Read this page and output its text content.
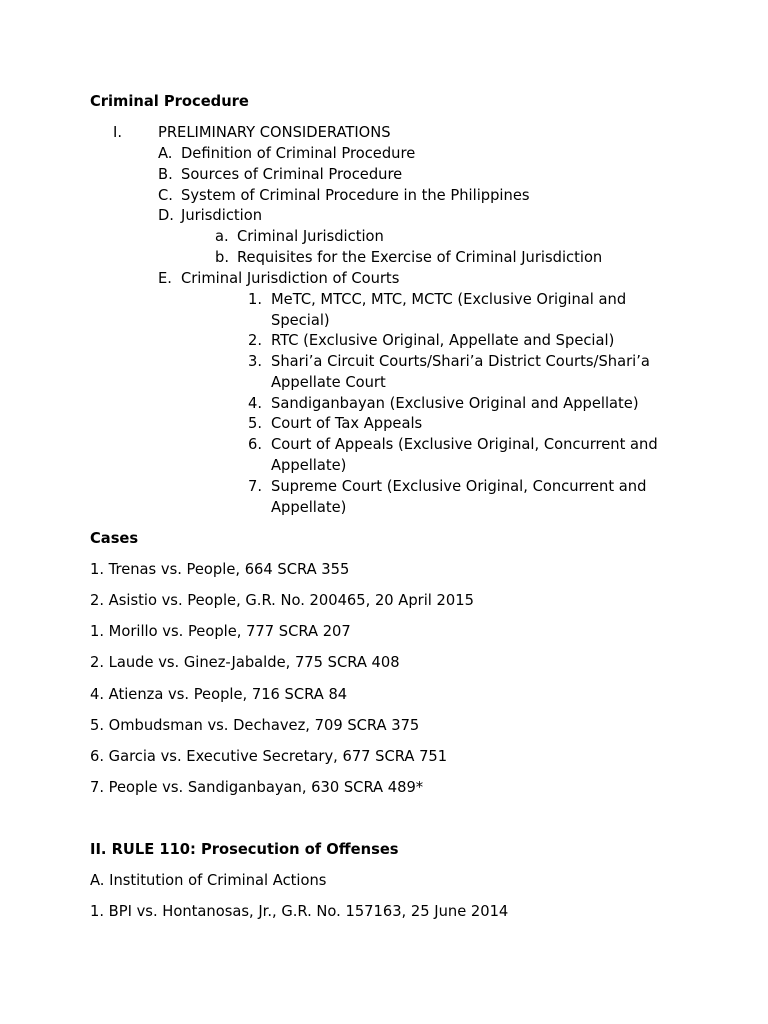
Criminal Procedure
I. PRELIMINARY CONSIDERATIONS
A. Definition of Criminal Procedure
B. Sources of Criminal Procedure
C. System of Criminal Procedure in the Philippines
D. Jurisdiction
a. Criminal Jurisdiction
b. Requisites for the Exercise of Criminal Jurisdiction
E. Criminal Jurisdiction of Courts
1. MeTC, MTCC, MTC, MCTC (Exclusive Original and
Special)
2. RTC (Exclusive Original, Appellate and Special)
3. Shari’a Circuit Courts/Shari’a District Courts/Shari’a
Appellate Court
4. Sandiganbayan (Exclusive Original and Appellate)
5. Court of Tax Appeals
6. Court of Appeals (Exclusive Original, Concurrent and
Appellate)
7. Supreme Court (Exclusive Original, Concurrent and
Appellate)
Cases
1. Trenas vs. People, 664 SCRA 355
2. Asistio vs. People, G.R. No. 200465, 20 April 2015
1. Morillo vs. People, 777 SCRA 207
2. Laude vs. Ginez-Jabalde, 775 SCRA 408
4. Atienza vs. People, 716 SCRA 84
5. Ombudsman vs. Dechavez, 709 SCRA 375
6. Garcia vs. Executive Secretary, 677 SCRA 751
7. People vs. Sandiganbayan, 630 SCRA 489*
II. RULE 110: Prosecution of Offenses
A. Institution of Criminal Actions
1. BPI vs. Hontanosas, Jr., G.R. No. 157163, 25 June 2014
